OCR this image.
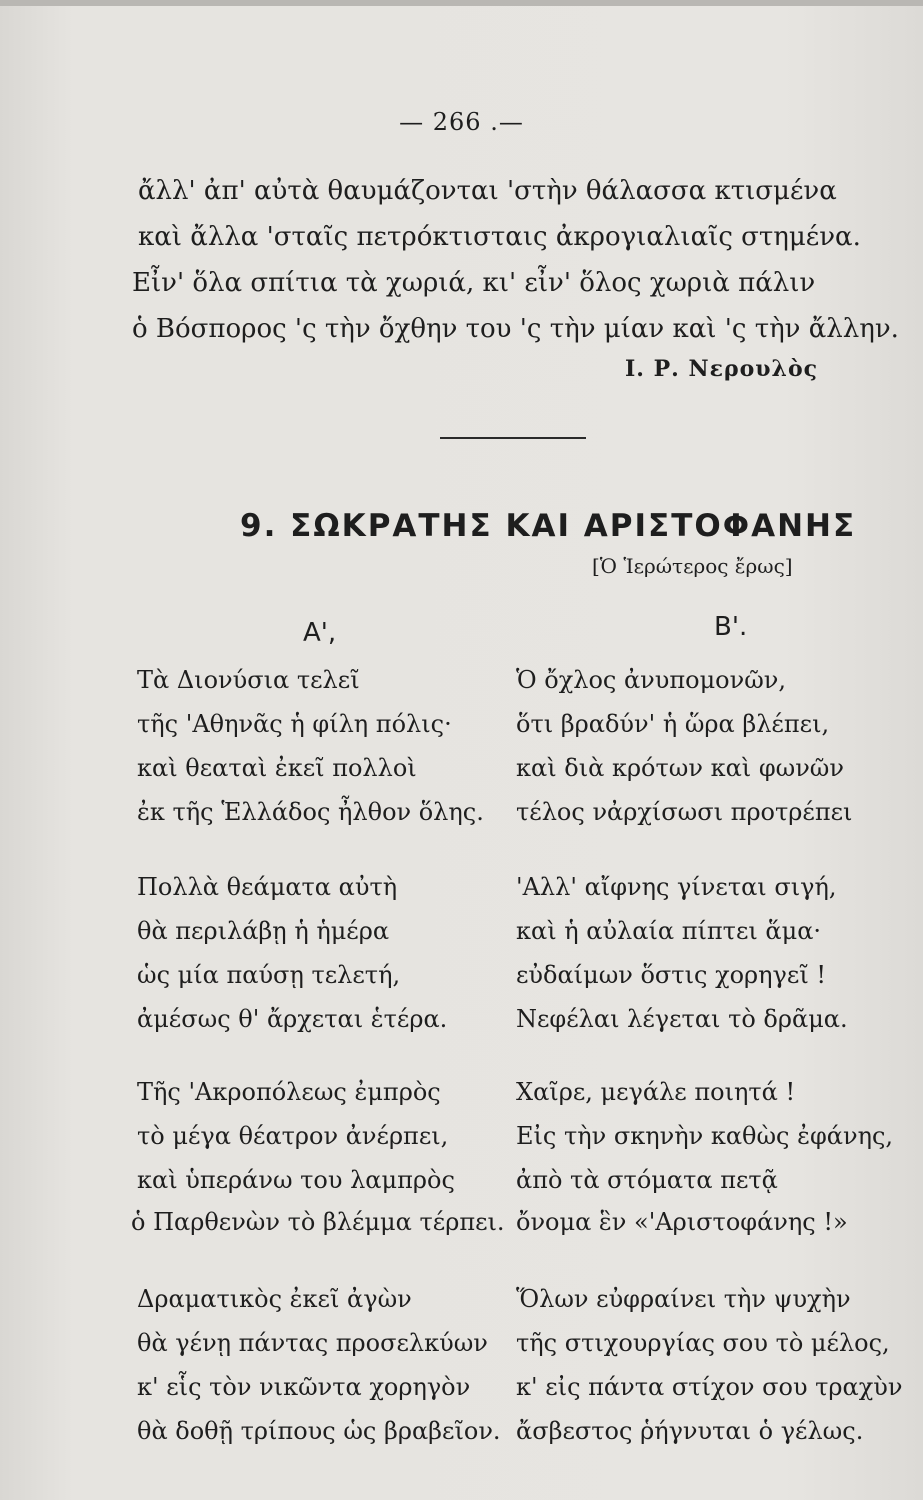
— 266 .—
ἄλλ' ἀπ' αὐτὰ θαυμάζονται 'στὴν θάλασσα κτισμένα
καὶ ἄλλα 'σταῖς πετρόκτισταις ἀκρογιαλιαῖς στημένα.
Εἶν' ὅλα σπίτια τὰ χωριά, κι' εἶν' ὅλος χωριὰ πάλιν
ὁ Βόσπορος 'ς τὴν ὄχθην του 'ς τὴν μίαν καὶ 'ς τὴν ἄλλην.
Ι. Ρ. Νερουλὸς
9. ΣΩΚΡΑΤΗΣ ΚΑΙ ΑΡΙΣΤΟΦΑΝΗΣ
[Ὁ Ἱερώτερος ἔρως]
Α',	Β'.
Τὰ Διονύσια τελεῖ
τῆς 'Αθηνᾶς ἡ φίλη πόλις·
καὶ θεαταὶ ἐκεῖ πολλοὶ
ἐκ τῆς Ἑλλάδος ἦλθον ὅλης.
Πολλὰ θεάματα αὐτὴ
θὰ περιλάβῃ ἡ ἡμέρα
ὡς μία παύσῃ τελετή,
ἀμέσως θ' ἄρχεται ἑτέρα.
Τῆς 'Ακροπόλεως ἐμπρὸς
τὸ μέγα θέατρον ἀνέρπει,
καὶ ὑπεράνω του λαμπρὸς
ὁ Παρθενὼν τὸ βλέμμα τέρπει.
Δραματικὸς ἐκεῖ ἀγὼν
θὰ γένῃ πάντας προσελκύων
κ' εἷς τὸν νικῶντα χορηγὸν
θὰ δοθῇ τρίπους ὡς βραβεῖον.
Ὁ ὄχλος ἀνυπομονῶν,
ὅτι βραδύν' ἡ ὥρα βλέπει,
καὶ διὰ κρότων καὶ φωνῶν
τέλος νἀρχίσωσι προτρέπει
'Αλλ' αἴφνης γίνεται σιγή,
καὶ ἡ αὐλαία πίπτει ἅμα·
εὐδαίμων ὅστις χορηγεῖ !
Νεφέλαι λέγεται τὸ δρᾶμα.
Χαῖρε, μεγάλε ποιητά !
Εἰς τὴν σκηνὴν καθὼς ἐφάνης,
ἀπὸ τὰ στόματα πετᾷ
ὄνομα ἓν «'Αριστοφάνης !»
Ὅλων εὐφραίνει τὴν ψυχὴν
τῆς στιχουργίας σου τὸ μέλος,
κ' εἰς πάντα στίχον σου τραχὺν
ἄσβεστος ῥήγνυται ὁ γέλως.
